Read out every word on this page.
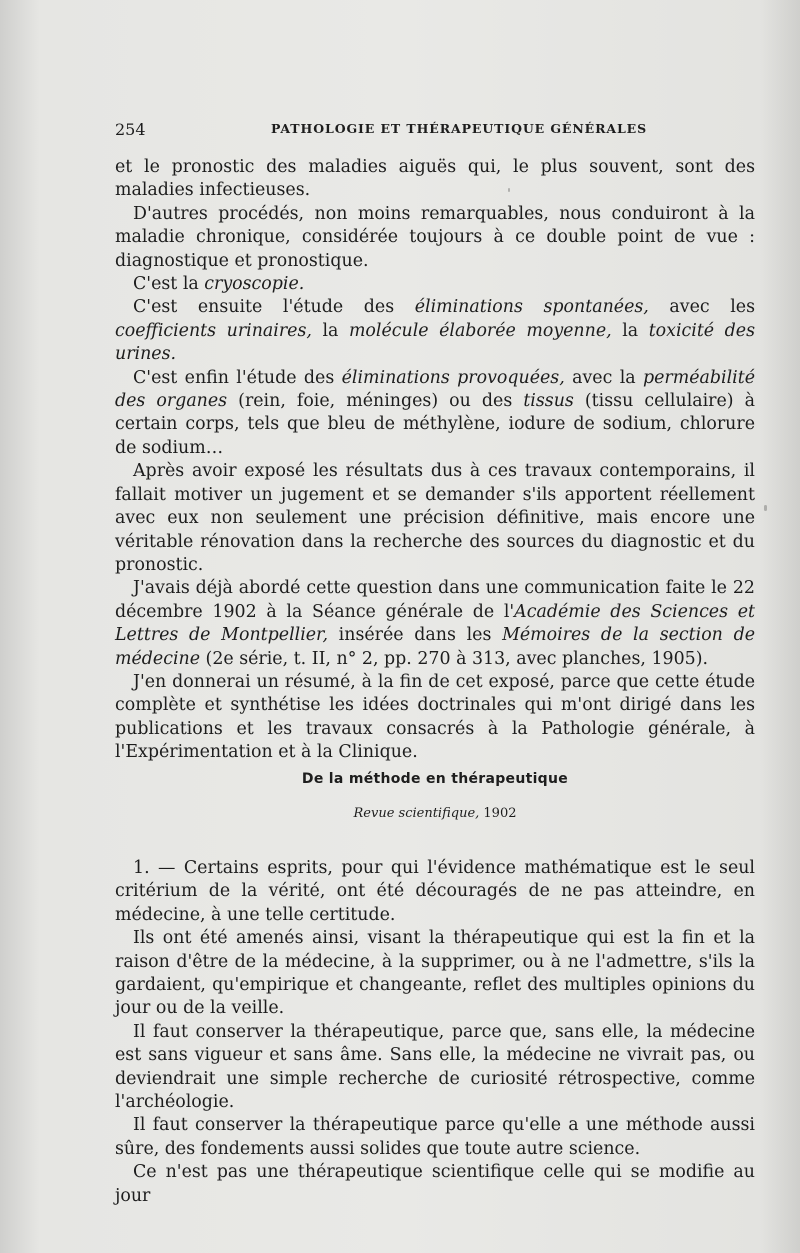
254	PATHOLOGIE ET THÉRAPEUTIQUE GÉNÉRALES

et le pronostic des maladies aiguës qui, le plus souvent, sont des maladies infectieuses.

D'autres procédés, non moins remarquables, nous conduiront à la maladie chronique, considérée toujours à ce double point de vue : diagnostique et pronostique.

C'est la cryoscopie.

C'est ensuite l'étude des éliminations spontanées, avec les coefficients urinaires, la molécule élaborée moyenne, la toxicité des urines.

C'est enfin l'étude des éliminations provoquées, avec la perméabilité des organes (rein, foie, méninges) ou des tissus (tissu cellulaire) à certain corps, tels que bleu de méthylène, iodure de sodium, chlorure de sodium…

Après avoir exposé les résultats dus à ces travaux contemporains, il fallait motiver un jugement et se demander s'ils apportent réellement avec eux non seulement une précision définitive, mais encore une véritable rénovation dans la recherche des sources du diagnostic et du pronostic.

J'avais déjà abordé cette question dans une communication faite le 22 décembre 1902 à la Séance générale de l'Académie des Sciences et Lettres de Montpellier, insérée dans les Mémoires de la section de médecine (2e série, t. II, n° 2, pp. 270 à 313, avec planches, 1905).

J'en donnerai un résumé, à la fin de cet exposé, parce que cette étude complète et synthétise les idées doctrinales qui m'ont dirigé dans les publications et les travaux consacrés à la Pathologie générale, à l'Expérimentation et à la Clinique.

De la méthode en thérapeutique
Revue scientifique, 1902

1. — Certains esprits, pour qui l'évidence mathématique est le seul critérium de la vérité, ont été découragés de ne pas atteindre, en médecine, à une telle certitude.

Ils ont été amenés ainsi, visant la thérapeutique qui est la fin et la raison d'être de la médecine, à la supprimer, ou à ne l'admettre, s'ils la gardaient, qu'empirique et changeante, reflet des multiples opinions du jour ou de la veille.

Il faut conserver la thérapeutique, parce que, sans elle, la médecine est sans vigueur et sans âme. Sans elle, la médecine ne vivrait pas, ou deviendrait une simple recherche de curiosité rétrospective, comme l'archéologie.

Il faut conserver la thérapeutique parce qu'elle a une méthode aussi sûre, des fondements aussi solides que toute autre science.

Ce n'est pas une thérapeutique scientifique celle qui se modifie au jour
